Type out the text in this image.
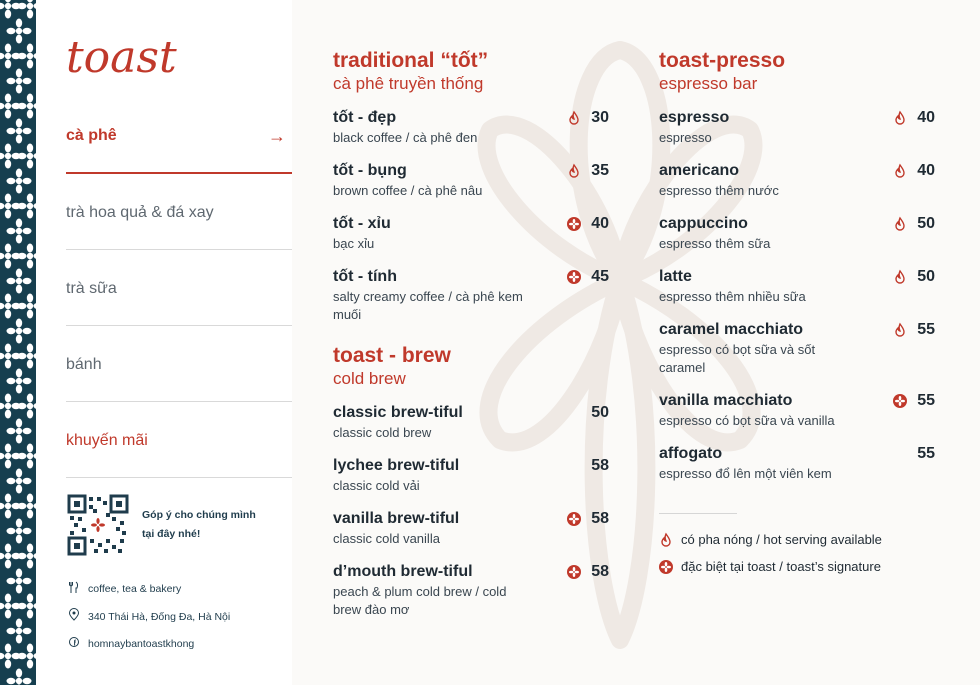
toast
cà phê	→
trà hoa quả & đá xay
trà sữa
bánh
khuyến mãi
Góp ý cho chúng mình
tại đây nhé!
coffee, tea & bakery
340 Thái Hà, Đống Đa, Hà Nội
homnaybantoastkhong
traditional “tốt”
cà phê truyền thống
tốt - đẹp	30
black coffee / cà phê đen
tốt - bụng	35
brown coffee / cà phê nâu
tốt - xỉu	40
bạc xỉu
tốt - tính	45
salty creamy coffee / cà phê kem muối
toast - brew
cold brew
classic brew-tiful	50
classic cold brew
lychee brew-tiful	58
classic cold vải
vanilla brew-tiful	58
classic cold vanilla
d’mouth brew-tiful	58
peach & plum cold brew / cold brew đào mơ
toast-presso
espresso bar
espresso	40
espresso
americano	40
espresso thêm nước
cappuccino	50
espresso thêm sữa
latte	50
espresso thêm nhiều sữa
caramel macchiato	55
espresso có bọt sữa và sốt caramel
vanilla macchiato	55
espresso có bọt sữa và vanilla
affogato	55
espresso đổ lên một viên kem
có pha nóng / hot serving available
đặc biệt tại toast / toast’s signature
